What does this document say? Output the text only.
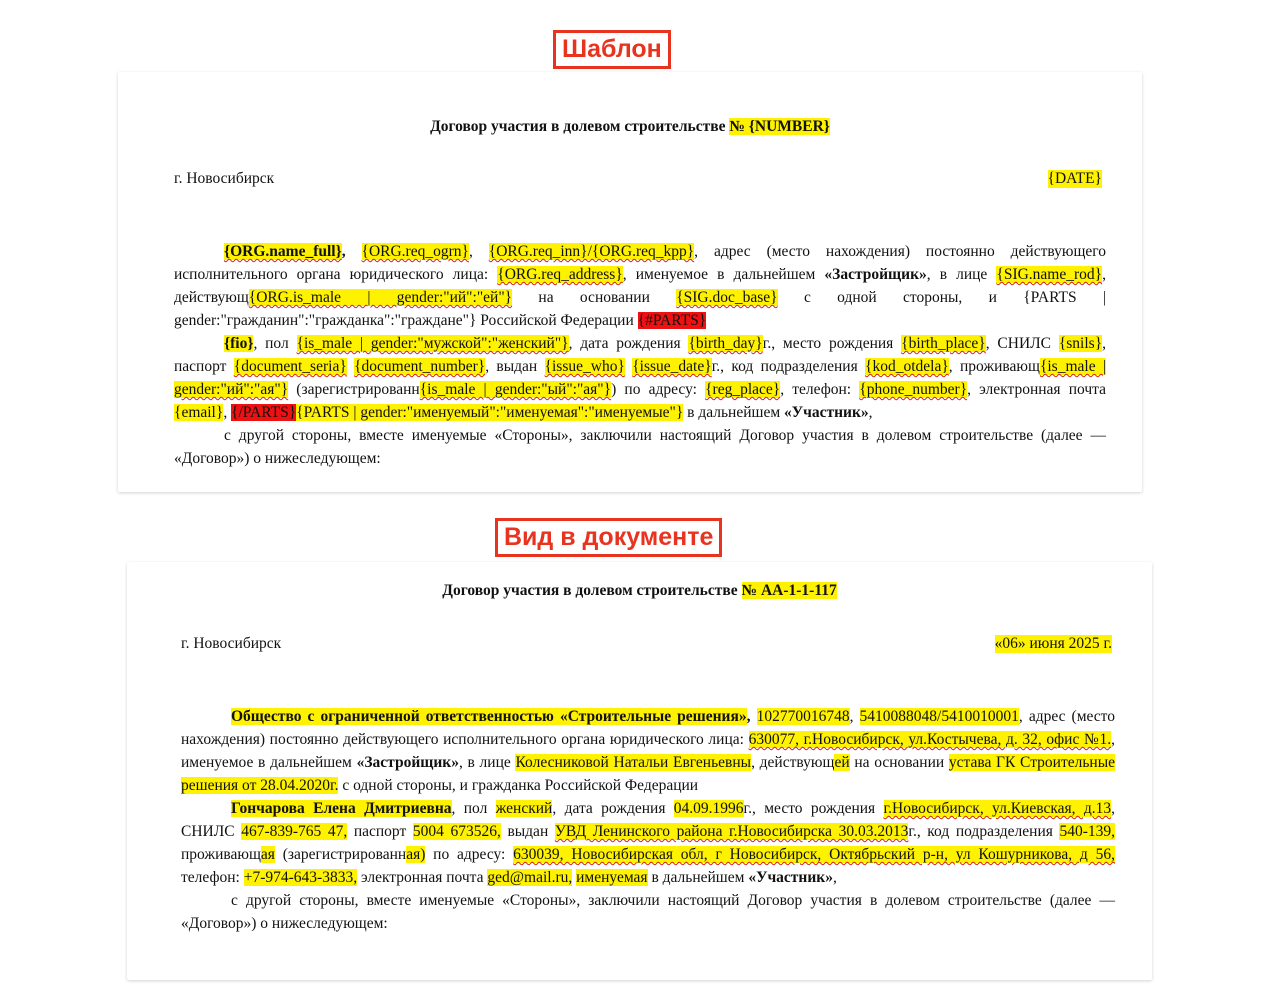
Шаблон
Договор участия в долевом строительстве № {NUMBER}
г. Новосибирск	{DATE}

{ORG.name_full}, {ORG.req_ogrn}, {ORG.req_inn}/{ORG.req_kpp}, адрес (место нахождения) постоянно действующего исполнительного органа юридического лица: {ORG.req_address}, именуемое в дальнейшем «Застройщик», в лице {SIG.name_rod}, действующ{ORG.is_male | gender:"ий":"ей"} на основании {SIG.doc_base} с одной стороны, и {PARTS | gender:"гражданин":"гражданка":"граждане"} Российской Федерации {#PARTS}

{fio}, пол {is_male | gender:"мужской":"женский"}, дата рождения {birth_day}г., место рождения {birth_place}, СНИЛС {snils}, паспорт {document_seria} {document_number}, выдан {issue_who} {issue_date}г., код подразделения {kod_otdela}, проживающ{is_male | gender:"ий":"ая"} (зарегистрированн{is_male | gender:"ый":"ая"}) по адресу: {reg_place}, телефон: {phone_number}, электронная почта {email}, {/PARTS}{PARTS | gender:"именуемый":"именуемая":"именуемые"} в дальнейшем «Участник»,

с другой стороны, вместе именуемые «Стороны», заключили настоящий Договор участия в долевом строительстве (далее — «Договор») о нижеследующем:

Вид в документе
Договор участия в долевом строительстве № АА-1-1-117
г. Новосибирск	«06» июня 2025 г.

Общество с ограниченной ответственностью «Строительные решения», 102770016748, 5410088048/5410010001, адрес (место нахождения) постоянно действующего исполнительного органа юридического лица: 630077, г.Новосибирск, ул.Костычева, д. 32, офис №1., именуемое в дальнейшем «Застройщик», в лице Колесниковой Натальи Евгеньевны, действующей на основании устава ГК Строительные решения от 28.04.2020г. с одной стороны, и гражданка Российской Федерации

Гончарова Елена Дмитриевна, пол женский, дата рождения 04.09.1996г., место рождения г.Новосибирск, ул.Киевская, д.13, СНИЛС 467-839-765 47, паспорт 5004 673526, выдан УВД Ленинского района г.Новосибирска 30.03.2013г., код подразделения 540-139, проживающая (зарегистрированная) по адресу: 630039, Новосибирская обл, г Новосибирск, Октябрьский р-н, ул Кошурникова, д 56, телефон: +7-974-643-3833, электронная почта ged@mail.ru, именуемая в дальнейшем «Участник»,

с другой стороны, вместе именуемые «Стороны», заключили настоящий Договор участия в долевом строительстве (далее — «Договор») о нижеследующем:
